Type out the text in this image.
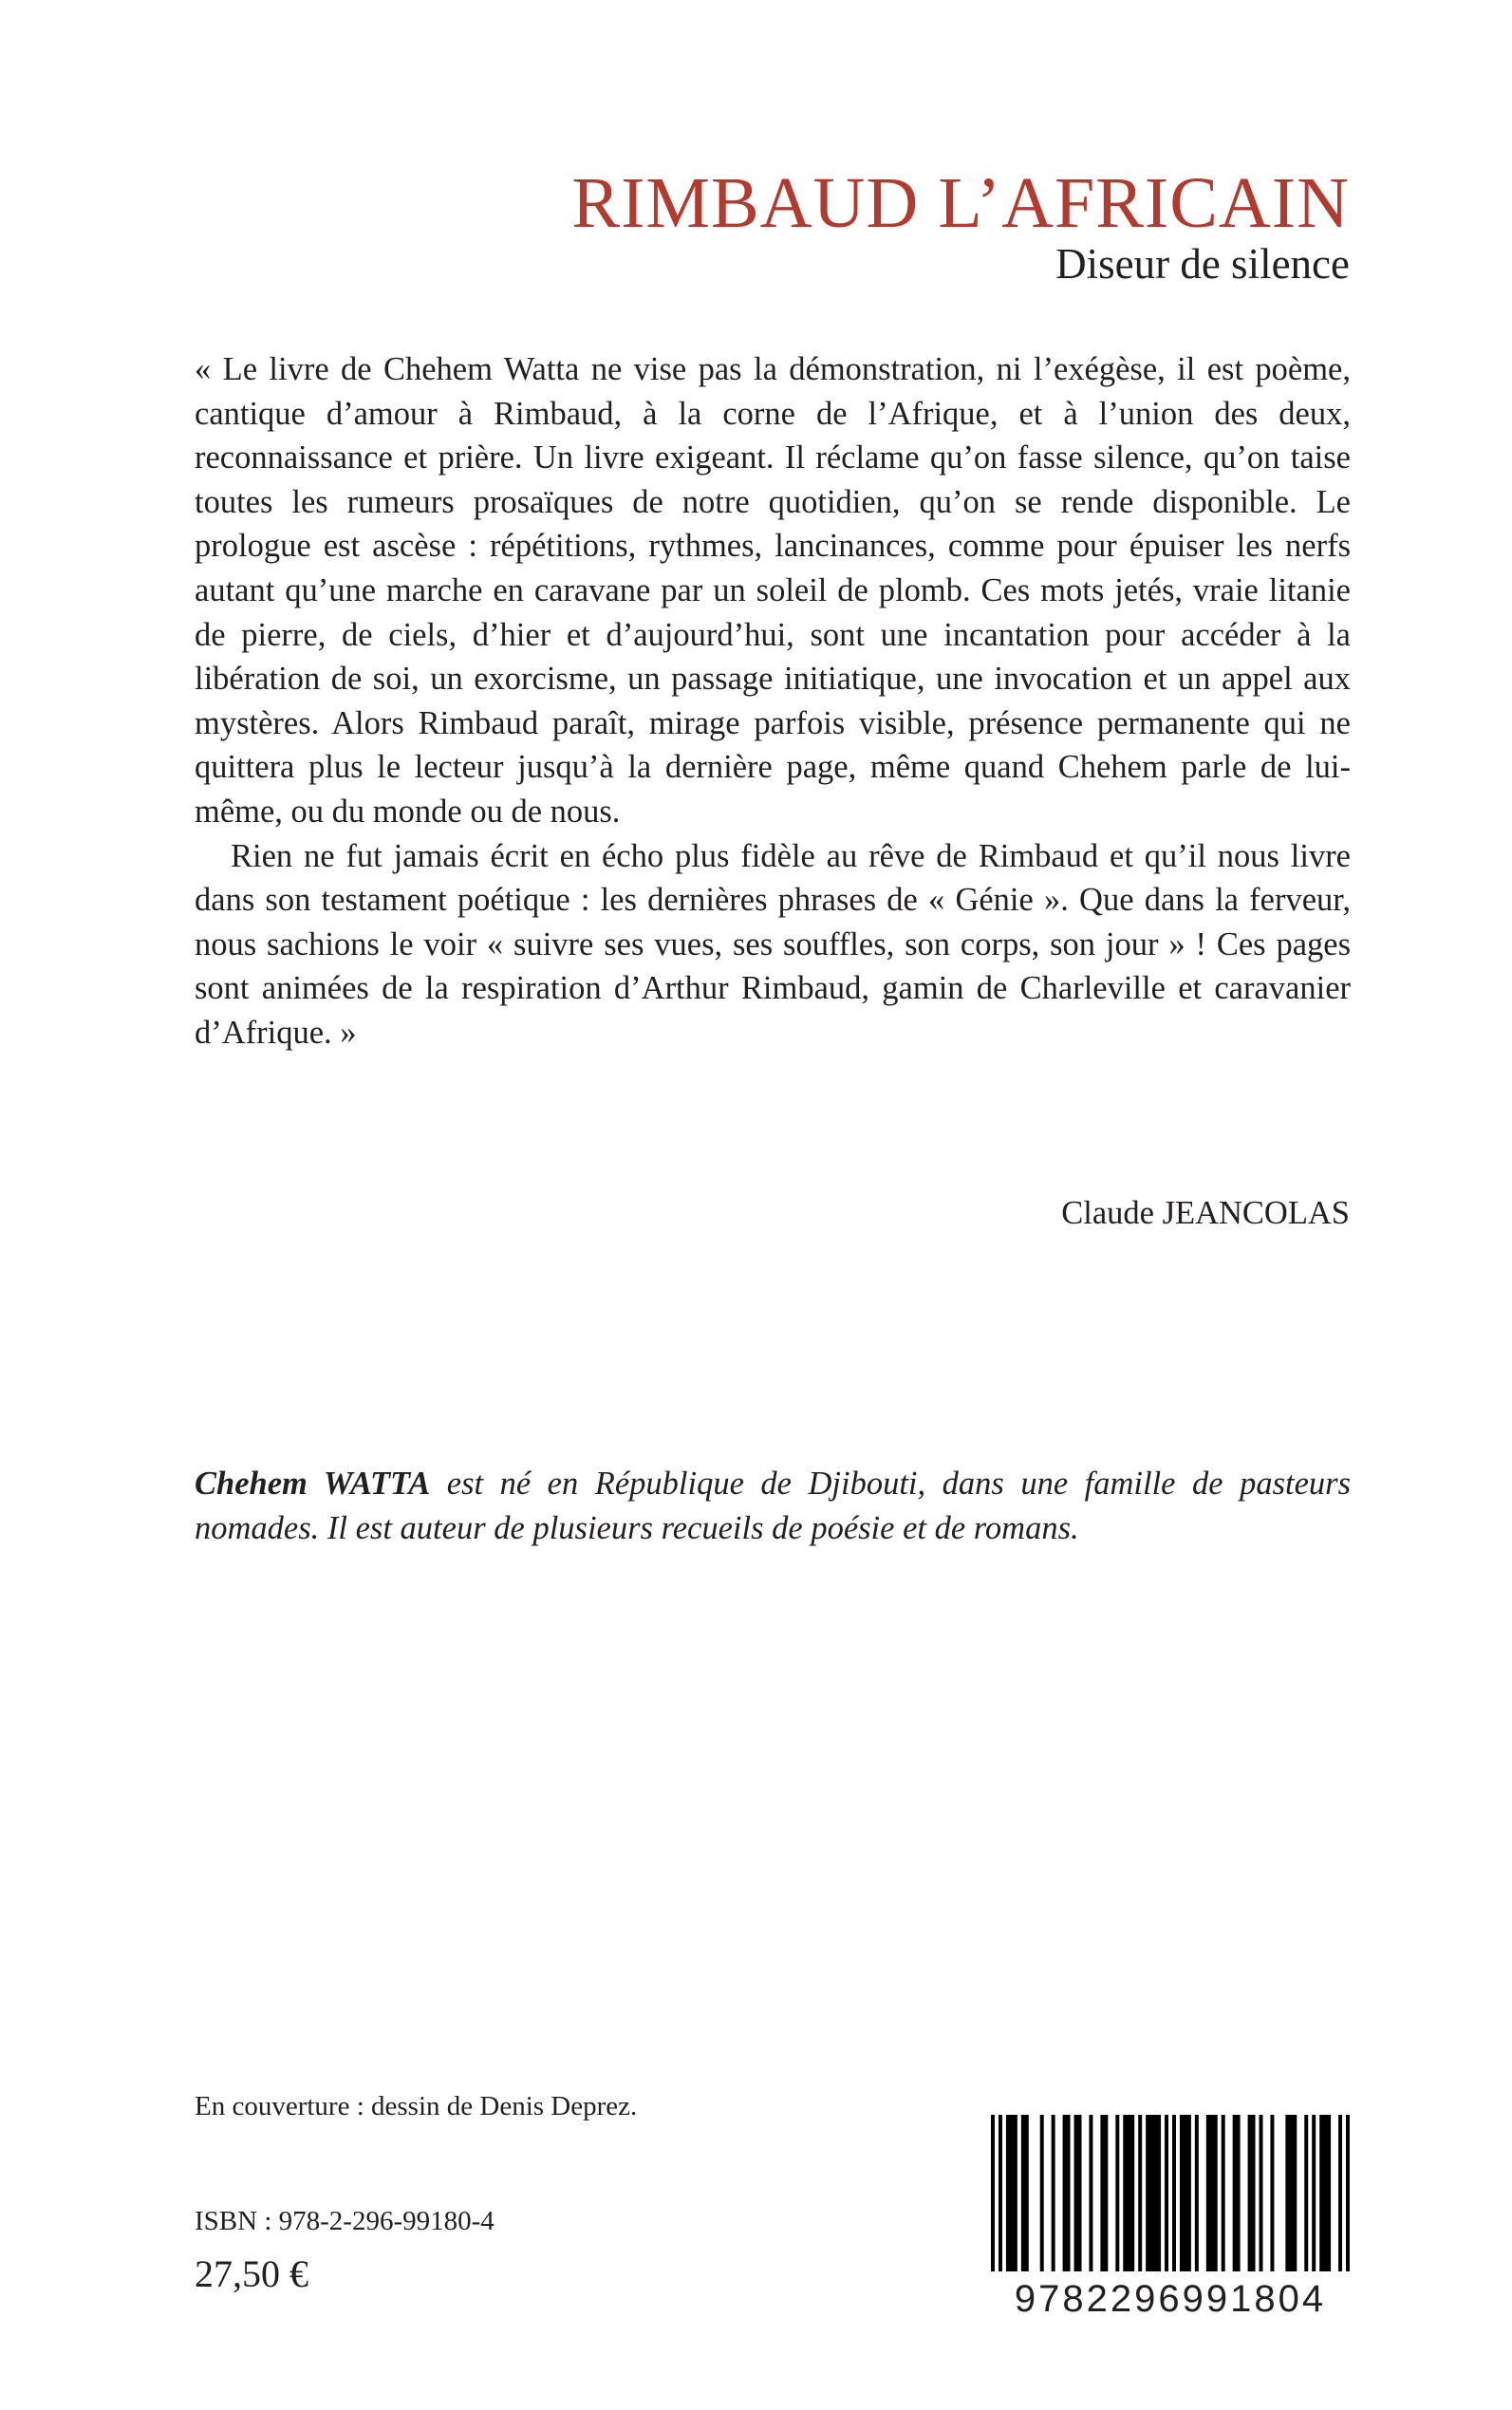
RIMBAUD L’AFRICAIN
Diseur de silence

« Le livre de Chehem Watta ne vise pas la démonstration, ni l’exégèse, il est poème, cantique d’amour à Rimbaud, à la corne de l’Afrique, et à l’union des deux, reconnaissance et prière. Un livre exigeant. Il réclame qu’on fasse silence, qu’on taise toutes les rumeurs prosaïques de notre quotidien, qu’on se rende disponible. Le prologue est ascèse : répétitions, rythmes, lancinances, comme pour épuiser les nerfs autant qu’une marche en caravane par un soleil de plomb. Ces mots jetés, vraie litanie de pierre, de ciels, d’hier et d’aujourd’hui, sont une incantation pour accéder à la libération de soi, un exorcisme, un passage initiatique, une invocation et un appel aux mystères. Alors Rimbaud paraît, mirage parfois visible, présence permanente qui ne quittera plus le lecteur jusqu’à la dernière page, même quand Chehem parle de lui-même, ou du monde ou de nous.

Rien ne fut jamais écrit en écho plus fidèle au rêve de Rimbaud et qu’il nous livre dans son testament poétique : les dernières phrases de « Génie ». Que dans la ferveur, nous sachions le voir « suivre ses vues, ses souffles, son corps, son jour » ! Ces pages sont animées de la respiration d’Arthur Rimbaud, gamin de Charleville et caravanier d’Afrique. »

Claude JEANCOLAS
Chehem WATTA est né en République de Djibouti, dans une famille de pasteurs nomades. Il est auteur de plusieurs recueils de poésie et de romans.
En couverture : dessin de Denis Deprez.
ISBN : 978-2-296-99180-4
27,50 €
9782296991804
